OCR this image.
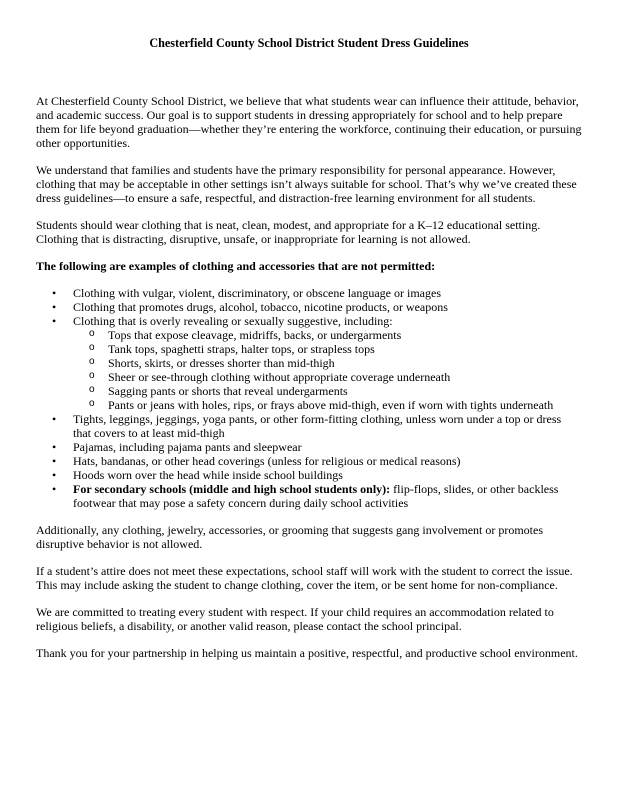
Chesterfield County School District Student Dress Guidelines

At Chesterfield County School District, we believe that what students wear can influence their attitude, behavior, and academic success. Our goal is to support students in dressing appropriately for school and to help prepare them for life beyond graduation—whether they’re entering the workforce, continuing their education, or pursuing other opportunities.

We understand that families and students have the primary responsibility for personal appearance. However, clothing that may be acceptable in other settings isn’t always suitable for school. That’s why we’ve created these dress guidelines—to ensure a safe, respectful, and distraction-free learning environment for all students.

Students should wear clothing that is neat, clean, modest, and appropriate for a K–12 educational setting. Clothing that is distracting, disruptive, unsafe, or inappropriate for learning is not allowed.

The following are examples of clothing and accessories that are not permitted:

• Clothing with vulgar, violent, discriminatory, or obscene language or images
• Clothing that promotes drugs, alcohol, tobacco, nicotine products, or weapons
• Clothing that is overly revealing or sexually suggestive, including:
o Tops that expose cleavage, midriffs, backs, or undergarments
o Tank tops, spaghetti straps, halter tops, or strapless tops
o Shorts, skirts, or dresses shorter than mid-thigh
o Sheer or see-through clothing without appropriate coverage underneath
o Sagging pants or shorts that reveal undergarments
o Pants or jeans with holes, rips, or frays above mid-thigh, even if worn with tights underneath
• Tights, leggings, jeggings, yoga pants, or other form-fitting clothing, unless worn under a top or dress that covers to at least mid-thigh
• Pajamas, including pajama pants and sleepwear
• Hats, bandanas, or other head coverings (unless for religious or medical reasons)
• Hoods worn over the head while inside school buildings
• For secondary schools (middle and high school students only): flip-flops, slides, or other backless footwear that may pose a safety concern during daily school activities

Additionally, any clothing, jewelry, accessories, or grooming that suggests gang involvement or promotes disruptive behavior is not allowed.

If a student’s attire does not meet these expectations, school staff will work with the student to correct the issue. This may include asking the student to change clothing, cover the item, or be sent home for non-compliance.

We are committed to treating every student with respect. If your child requires an accommodation related to religious beliefs, a disability, or another valid reason, please contact the school principal.

Thank you for your partnership in helping us maintain a positive, respectful, and productive school environment.
